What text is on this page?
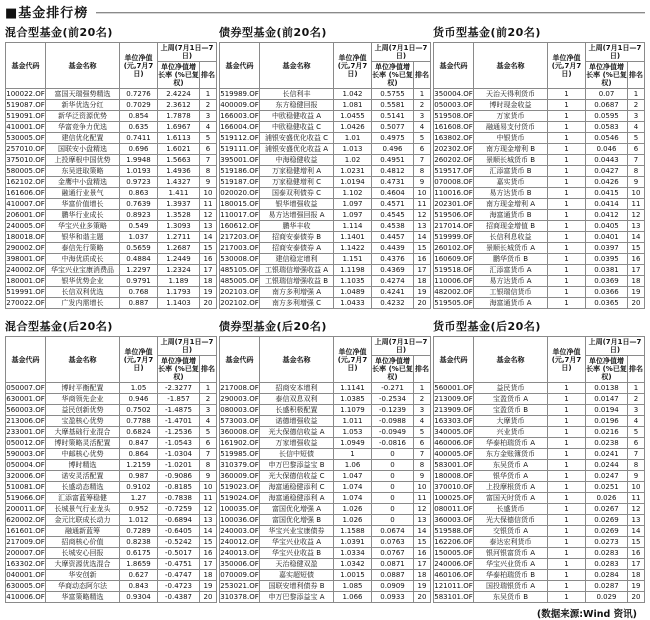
■基金排行榜
混合型基金(前20名)
基金代码	基金名称	单位净值 (元,7月7日)	上周(7月1日—7日)	
			单位净值增长率 (%已复权)	排名
100022.OF	富国天瑞强势精选	0.7276	2.4224	1
519087.OF	新华优选分红	0.7029	2.3612	2
519091.OF	新华泛资源优势	0.854	1.7878	3
410001.OF	华富竞争力优选	0.635	1.6967	4
530005.OF	建信优化配置	0.7411	1.6113	5
257010.OF	国联安小盘精选	0.696	1.6021	6
375010.OF	上投摩根中国优势	1.9948	1.5663	7
580005.OF	东吴进取策略	1.0193	1.4936	8
162102.OF	金鹰中小盘精选	0.9723	1.4327	9
161606.OF	融通行业景气	0.863	1.411	10
410007.OF	华富价值增长	0.7639	1.3937	11
206001.OF	鹏华行业成长	0.8923	1.3528	12
240005.OF	华宝兴业多策略	0.549	1.3093	13
180018.OF	银华和谐主题	1.037	1.2711	14
290002.OF	泰信先行策略	0.5659	1.2687	15
398001.OF	中海优质成长	0.4884	1.2449	16
240002.OF	华宝兴业宝康消费品	1.2297	1.2324	17
180001.OF	银华优势企业	0.9791	1.189	18
519991.OF	长信双利优选	0.768	1.1793	19
270022.OF	广发内需增长	0.887	1.1403	20
债券型基金(前20名)
基金代码	基金名称	单位净值 (元,7月7日)	上周(7月1日—7日)	
			单位净值增长率 (%已复权)	排名
519989.OF	长信利丰	1.042	0.5755	1
400009.OF	东方稳健回报	1.081	0.5581	2
166003.OF	中欧稳健收益 A	1.0455	0.5141	3
166004.OF	中欧稳健收益 C	1.0426	0.5077	4
519112.OF	浦银安盛优化收益 C	1.01	0.4975	5
519111.OF	浦银安盛优化收益 A	1.013	0.496	6
395001.OF	中海稳健收益	1.02	0.4951	7
519186.OF	万家稳健增利 A	1.0231	0.4812	8
519187.OF	万家稳健增利 C	1.0194	0.4731	9
020020.OF	国泰双利债券 C	1.102	0.4604	10
180015.OF	银华增强收益	1.097	0.4571	11
110017.OF	易方达增强回报 A	1.097	0.4545	12
160612.OF	鹏华丰收	1.114	0.4538	13
217203.OF	招商安泰债券 B	1.1401	0.4457	14
217003.OF	招商安泰债券 A	1.1422	0.4439	15
530008.OF	建信稳定增利	1.151	0.4376	16
485105.OF	工银瑞信增强收益 A	1.1198	0.4369	17
485005.OF	工银瑞信增强收益 B	1.1035	0.4274	18
202103.OF	南方多利增强 A	1.0489	0.4241	19
202102.OF	南方多利增强 C	1.0433	0.4232	20
货币型基金(前20名)
基金代码	基金名称	单位净值 (元,7月7日)	上周(7月1日—7日)	
			单位净值增长率 (%已复权)	排名
350004.OF	天治天得利货币	1	0.07	1
050003.OF	博时现金收益	1	0.0687	2
519508.OF	万家货币	1	0.0595	3
161608.OF	融通易支付货币	1	0.0583	4
163802.OF	中银货币	1	0.0546	5
202302.OF	南方现金增利 B	1	0.046	6
260202.OF	景顺长城货币 B	1	0.0443	7
519517.OF	汇添富货币 B	1	0.0427	8
070008.OF	嘉实货币	1	0.0426	9
110016.OF	易方达货币 B	1	0.0415	10
202301.OF	南方现金增利 A	1	0.0414	11
519506.OF	海富通货币 B	1	0.0412	12
217014.OF	招商现金增值 B	1	0.0405	13
519999.OF	长信利息收益	1	0.0401	14
260102.OF	景顺长城货币 A	1	0.0397	15
160609.OF	鹏华货币 B	1	0.0395	16
519518.OF	汇添富货币 A	1	0.0381	17
110006.OF	易方达货币 A	1	0.0369	18
482002.OF	工银瑞信货币	1	0.0366	19
519505.OF	海富通货币 A	1	0.0365	20
混合型基金(后20名)
基金代码	基金名称	单位净值 (元,7月7日)	上周(7月1日—7日)	
			单位净值增长率 (%已复权)	排名
050007.OF	博时平衡配置	1.05	-2.3277	1
630001.OF	华商领先企业	0.946	-1.857	2
560003.OF	益民创新优势	0.7502	-1.4875	3
213006.OF	宝盈核心优势	0.7788	-1.4701	4
233001.OF	大摩基础行业混合	0.6824	-1.2536	5
050012.OF	博时策略灵活配置	0.847	-1.0543	6
590003.OF	中邮核心优势	0.864	-1.0304	7
050004.OF	博时精选	1.2159	-1.0201	8
320006.OF	诺安灵活配置	0.987	-0.9086	9
510081.OF	长盛动态精选	0.9102	-0.8185	10
519066.OF	汇添富蓝筹稳健	1.27	-0.7838	11
200011.OF	长城景气行业龙头	0.952	-0.7259	12
620002.OF	金元比联成长动力	1.012	-0.6894	13
161601.OF	融通新蓝筹	0.7289	-0.6405	14
217009.OF	招商核心价值	0.8238	-0.5242	15
200007.OF	长城安心回报	0.6175	-0.5017	16
163302.OF	大摩资源优选混合	1.8659	-0.4751	17
040001.OF	华安创新	0.627	-0.4747	18
630005.OF	华商动态阿尔法	0.843	-0.4723	19
410006.OF	华富策略精选	0.9304	-0.4387	20
债券型基金(后20名)
基金代码	基金名称	单位净值 (元,7月7日)	上周(7月1日—7日)	
			单位净值增长率 (%已复权)	排名
217008.OF	招商安本增利	1.1141	-0.271	1
290003.OF	泰信双息双利	1.0385	-0.2534	2
080003.OF	长盛积极配置	1.1079	-0.1239	3
573003.OF	诺德增强收益	1.011	-0.0988	4
360008.OF	光大保德信收益 A	1.053	-0.0949	5
161902.OF	万家增强收益	1.0949	-0.0816	6
519985.OF	长信中短债	1	0	7
310379.OF	申万巴黎添益宝 B	1.06	0	8
360009.OF	光大保德信收益 C	1.047	0	9
519023.OF	海富通稳健添利 C	1.074	0	10
519024.OF	海富通稳健添利 A	1.074	0	11
100035.OF	富国优化增强 A	1.026	0	12
100036.OF	富国优化增强 B	1.026	0	13
240003.OF	华宝兴业宝康债券	1.1588	0.0674	14
240012.OF	华宝兴业收益 A	1.0391	0.0763	15
240013.OF	华宝兴业收益 B	1.0334	0.0767	16
350006.OF	天治稳健双盈	1.0342	0.0871	17
070009.OF	嘉实超短债	1.0015	0.0887	18
253021.OF	国联安增利债券 B	1.085	0.0909	19
310378.OF	申万巴黎添益宝 A	1.066	0.0933	20
货币型基金(后20名)
基金代码	基金名称	单位净值 (元,7月7日)	上周(7月1日—7日)	
			单位净值增长率 (%已复权)	排名
560001.OF	益民货币	1	0.0138	1
213009.OF	宝盈货币 A	1	0.0147	2
213909.OF	宝盈货币 B	1	0.0194	3
163303.OF	大摩货币	1	0.0196	4
340005.OF	兴业货币	1	0.0216	5
460006.OF	华泰柏瑞货币 A	1	0.0238	6
400005.OF	东方金账簿货币	1	0.0241	7
583001.OF	东吴货币 A	1	0.0244	8
180008.OF	银华货币 A	1	0.0247	9
370010.OF	上投摩根货币 A	1	0.0251	10
100025.OF	富国天时货币 A	1	0.026	11
080011.OF	长盛货币	1	0.0267	12
360003.OF	光大保德信货币	1	0.0269	13
519588.OF	交银货币 A	1	0.0269	14
162206.OF	泰达宏利货币	1	0.0273	15
150005.OF	银河银富货币 A	1	0.0283	16
240006.OF	华宝兴业货币 A	1	0.0283	17
460106.OF	华泰柏瑞货币 B	1	0.0284	18
121011.OF	国投瑞银货币 A	1	0.0287	19
583101.OF	东吴货币 B	1	0.029	20
(数据来源:Wind 资讯)
